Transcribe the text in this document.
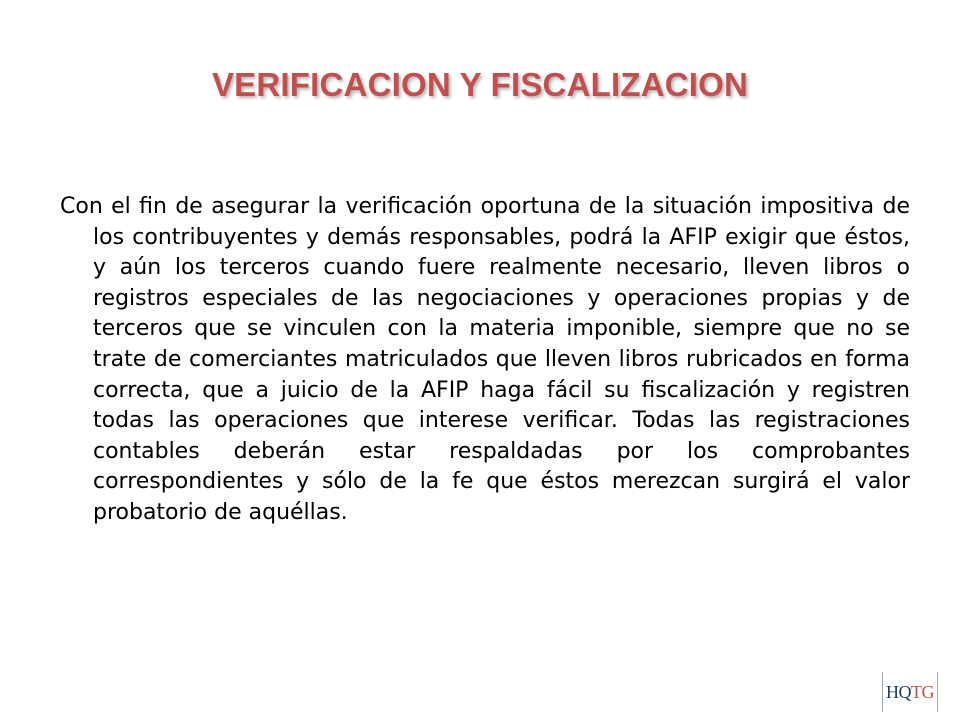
VERIFICACION Y FISCALIZACION

Con el fin de asegurar la verificación oportuna de la situación impositiva de los contribuyentes y demás responsables, podrá la AFIP exigir que éstos, y aún los terceros cuando fuere realmente necesario, lleven libros o registros especiales de las negociaciones y operaciones propias y de terceros que se vinculen con la materia imponible, siempre que no se trate de comerciantes matriculados que lleven libros rubricados en forma correcta, que a juicio de la AFIP haga fácil su fiscalización y registren todas las operaciones que interese verificar. Todas las registraciones contables deberán estar respaldadas por los comprobantes correspondientes y sólo de la fe que éstos merezcan surgirá el valor probatorio de aquéllas.

HQ TG
